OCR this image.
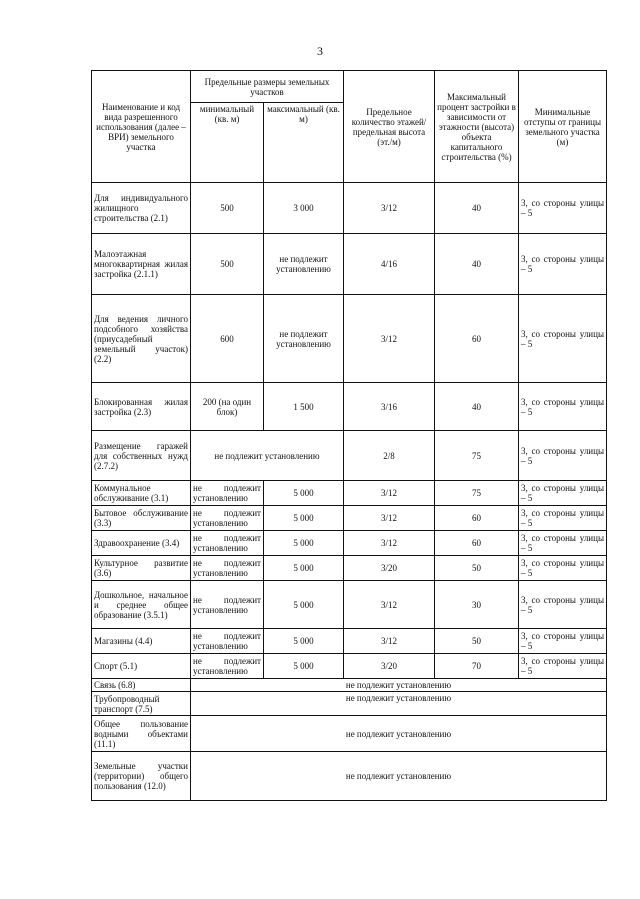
3
Наименование и код вида разрешенного использования (далее – ВРИ) земельного участка	Предельные размеры земельных участков		Предельное количество этажей/предельная высота (эт./м)	Максимальный процент застройки в зависимости от этажности (высота) объекта капитального строительства (%)	Минимальные отступы от границы земельного участка (м)
	минимальный (кв. м)	максимальный (кв. м)			
Для индивидуального жилищного строительства (2.1)	500	3 000	3/12	40	3, со стороны улицы – 5
Малоэтажная многоквартирная жилая застройка (2.1.1)	500	не подлежит установлению	4/16	40	3, со стороны улицы – 5
Для ведения личного подсобного хозяйства (приусадебный земельный участок) (2.2)	600	не подлежит установлению	3/12	60	3, со стороны улицы – 5
Блокированная жилая застройка (2.3)	200 (на один блок)	1 500	3/16	40	3, со стороны улицы – 5
Размещение гаражей для собственных нужд (2.7.2)	не подлежит установлению		2/8	75	3, со стороны улицы – 5
Коммунальное обслуживание (3.1)	не подлежит установлению	5 000	3/12	75	3, со стороны улицы – 5
Бытовое обслуживание (3.3)	не подлежит установлению	5 000	3/12	60	3, со стороны улицы – 5
Здравоохранение (3.4)	не подлежит установлению	5 000	3/12	60	3, со стороны улицы – 5
Культурное развитие (3.6)	не подлежит установлению	5 000	3/20	50	3, со стороны улицы – 5
Дошкольное, начальное и среднее общее образование (3.5.1)	не подлежит установлению	5 000	3/12	30	3, со стороны улицы – 5
Магазины (4.4)	не подлежит установлению	5 000	3/12	50	3, со стороны улицы – 5
Спорт (5.1)	не подлежит установлению	5 000	3/20	70	3, со стороны улицы – 5
Связь (6.8)	не подлежит установлению				
Трубопроводный транспорт (7.5)	не подлежит установлению				
Общее пользование водными объектами (11.1)	не подлежит установлению				
Земельные участки (территории) общего пользования (12.0)	не подлежит установлению				
